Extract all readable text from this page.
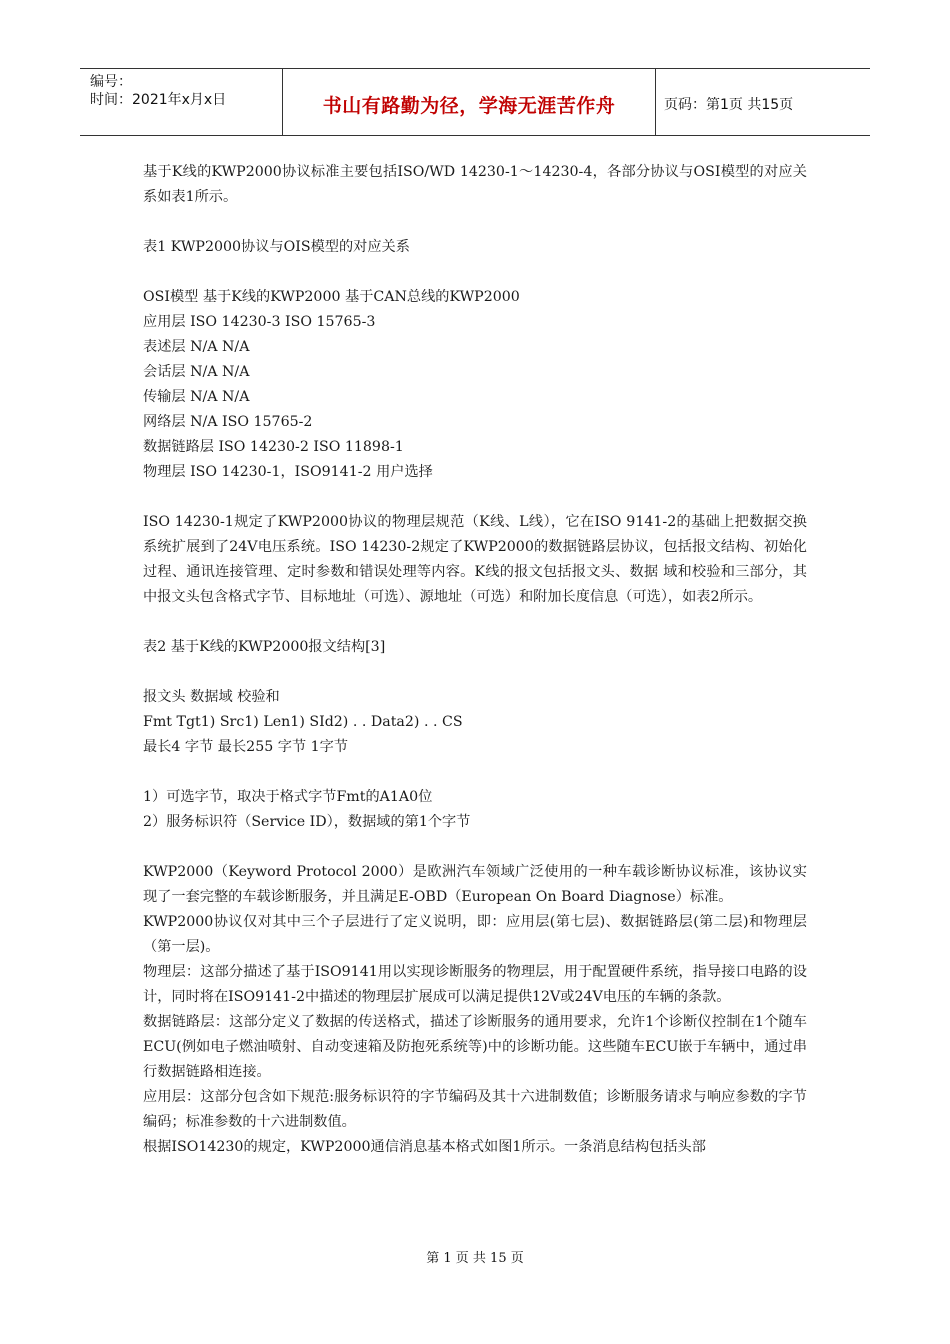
编号：
时间：2021年x月x日	书山有路勤为径，学海无涯苦作舟	页码：第1页 共15页

基于K线的KWP2000协议标准主要包括ISO/WD 14230-1～14230-4，各部分协议与OSI模型的对应关系如表1所示。

表1 KWP2000协议与OIS模型的对应关系

OSI模型 基于K线的KWP2000 基于CAN总线的KWP2000

应用层 ISO 14230-3 ISO 15765-3

表述层 N/A N/A

会话层 N/A N/A

传输层 N/A N/A

网络层 N/A ISO 15765-2

数据链路层 ISO 14230-2 ISO 11898-1

物理层 ISO 14230-1，ISO9141-2 用户选择

ISO 14230-1规定了KWP2000协议的物理层规范（K线、L线），它在ISO 9141-2的基础上把数据交换系统扩展到了24V电压系统。ISO 14230-2规定了KWP2000的数据链路层协议，包括报文结构、初始化过程、通讯连接管理、定时参数和错误处理等内容。K线的报文包括报文头、数据 域和校验和三部分，其中报文头包含格式字节、目标地址（可选）、源地址（可选）和附加长度信息（可选），如表2所示。

表2 基于K线的KWP2000报文结构[3]

报文头 数据域 校验和

Fmt Tgt1) Src1) Len1) SId2) . . Data2) . . CS

最长4 字节 最长255 字节 1字节

1）可选字节，取决于格式字节Fmt的A1A0位

2）服务标识符（Service ID），数据域的第1个字节

KWP2000（Keyword Protocol 2000）是欧洲汽车领域广泛使用的一种车载诊断协议标准，该协议实现了一套完整的车载诊断服务，并且满足E-OBD（European On Board Diagnose）标准。

KWP2000协议仅对其中三个子层进行了定义说明，即：应用层(第七层)、数据链路层(第二层)和物理层（第一层)。

物理层：这部分描述了基于ISO9141用以实现诊断服务的物理层，用于配置硬件系统，指导接口电路的设计，同时将在ISO9141-2中描述的物理层扩展成可以满足提供12V或24V电压的车辆的条款。

数据链路层：这部分定义了数据的传送格式，描述了诊断服务的通用要求，允许1个诊断仪控制在1个随车ECU(例如电子燃油喷射、自动变速箱及防抱死系统等)中的诊断功能。这些随车ECU嵌于车辆中，通过串行数据链路相连接。

应用层：这部分包含如下规范:服务标识符的字节编码及其十六进制数值；诊断服务请求与响应参数的字节编码；标准参数的十六进制数值。

根据ISO14230的规定，KWP2000通信消息基本格式如图1所示。一条消息结构包括头部

第 1 页 共 15 页
